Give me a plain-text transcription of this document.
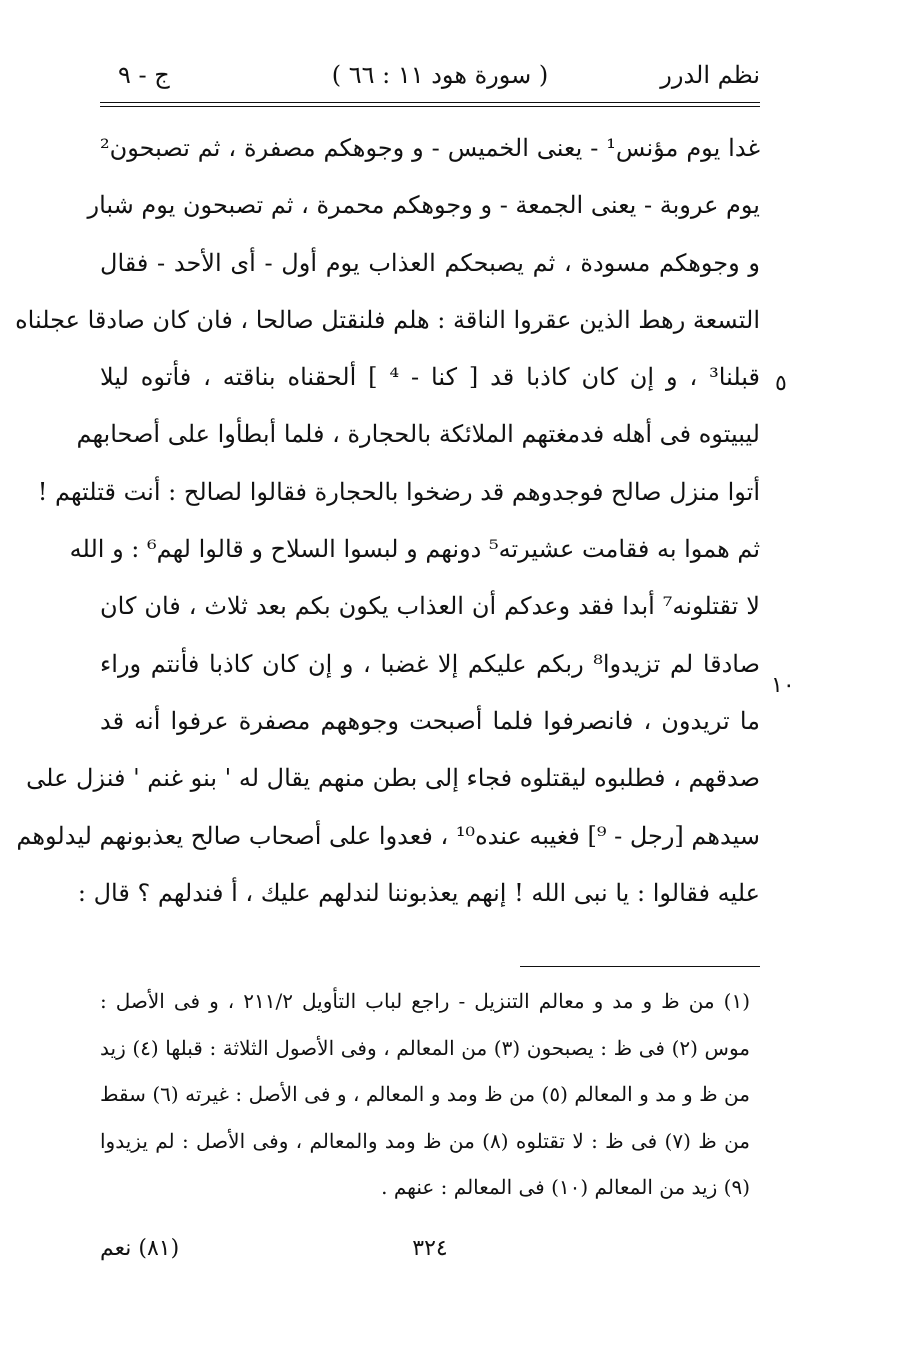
ج - ٩	( سورة هود ١١ : ٦٦ )	نظم الدرر
غدا يوم مؤنس¹ - يعنى الخميس - و وجوهكم مصفرة ، ثم تصبحون²
يوم عروبة - يعنى الجمعة - و وجوهكم محمرة ، ثم تصبحون يوم شبار
و وجوهكم مسودة ، ثم يصبحكم العذاب يوم أول - أى الأحد - فقال
التسعة رهط الذين عقروا الناقة : هلم فلنقتل صالحا ، فان كان صادقا عجلناه
قبلنا³ ، و إن كان كاذبا قد [ كنا - ⁴ ] ألحقناه بناقته ، فأتوه ليلا
ليبيتوه فى أهله فدمغتهم الملائكة بالحجارة ، فلما أبطأوا على أصحابهم
أتوا منزل صالح فوجدوهم قد رضخوا بالحجارة فقالوا لصالح : أنت قتلتهم !
ثم هموا به فقامت عشيرته⁵ دونهم و لبسوا السلاح و قالوا لهم⁶ : و الله
لا تقتلونه⁷ أبدا فقد وعدكم أن العذاب يكون بكم بعد ثلاث ، فان كان
صادقا لم تزيدوا⁸ ربكم عليكم إلا غضبا ، و إن كان كاذبا فأنتم وراء
ما تريدون ، فانصرفوا فلما أصبحت وجوههم مصفرة عرفوا أنه قد
صدقهم ، فطلبوه ليقتلوه فجاء إلى بطن منهم يقال له ' بنو غنم ' فنزل على
سيدهم [رجل - ⁹] فغيبه عنده¹⁰ ، فعدوا على أصحاب صالح يعذبونهم ليدلوهم
عليه فقالوا : يا نبى الله ! إنهم يعذبوننا لندلهم عليك ، أ فندلهم ؟ قال :
٥
١٠
(١) من ظ و مد و معالم التنزيل - راجع لباب التأويل ٢١١/٢ ، و فى الأصل :
موس (٢) فى ظ : يصبحون (٣) من المعالم ، وفى الأصول الثلاثة : قبلها (٤) زيد
من ظ و مد و المعالم (٥) من ظ ومد و المعالم ، و فى الأصل : غيرته (٦) سقط
من ظ (٧) فى ظ : لا تقتلوه (٨) من ظ ومد والمعالم ، وفى الأصل : لم يزيدوا
(٩) زيد من المعالم (١٠) فى المعالم : عنهم .
(٨١) نعم	٣٢٤
